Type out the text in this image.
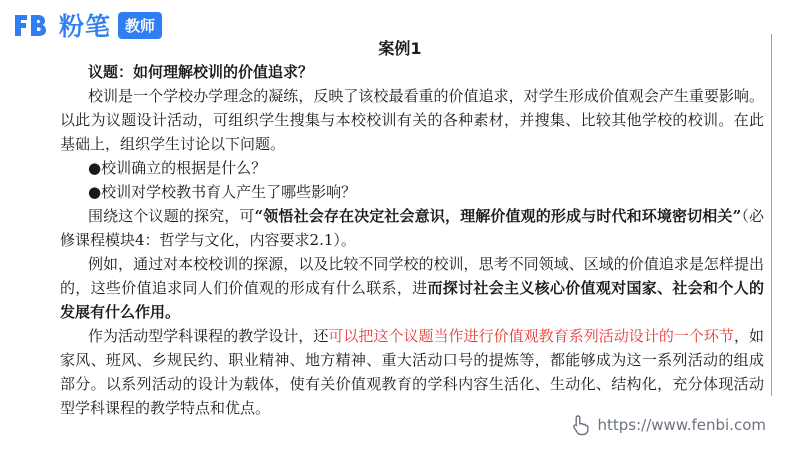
粉笔 教师
案例1

议题：如何理解校训的价值追求？

校训是一个学校办学理念的凝练，反映了该校最看重的价值追求，对学生形成价值观会产生重要影响。以此为议题设计活动，可组织学生搜集与本校校训有关的各种素材，并搜集、比较其他学校的校训。在此基础上，组织学生讨论以下问题。

●校训确立的根据是什么？

●校训对学校教书育人产生了哪些影响？

围绕这个议题的探究，可“领悟社会存在决定社会意识，理解价值观的形成与时代和环境密切相关”（必修课程模块4：哲学与文化，内容要求2.1）。

例如，通过对本校校训的探源，以及比较不同学校的校训，思考不同领域、区域的价值追求是怎样提出的，这些价值追求同人们价值观的形成有什么联系，进而探讨社会主义核心价值观对国家、社会和个人的发展有什么作用。

作为活动型学科课程的教学设计，还可以把这个议题当作进行价值观教育系列活动设计的一个环节，如家风、班风、乡规民约、职业精神、地方精神、重大活动口号的提炼等，都能够成为这一系列活动的组成部分。以系列活动的设计为载体，使有关价值观教育的学科内容生活化、生动化、结构化，充分体现活动型学科课程的教学特点和优点。

https://www.fenbi.com
